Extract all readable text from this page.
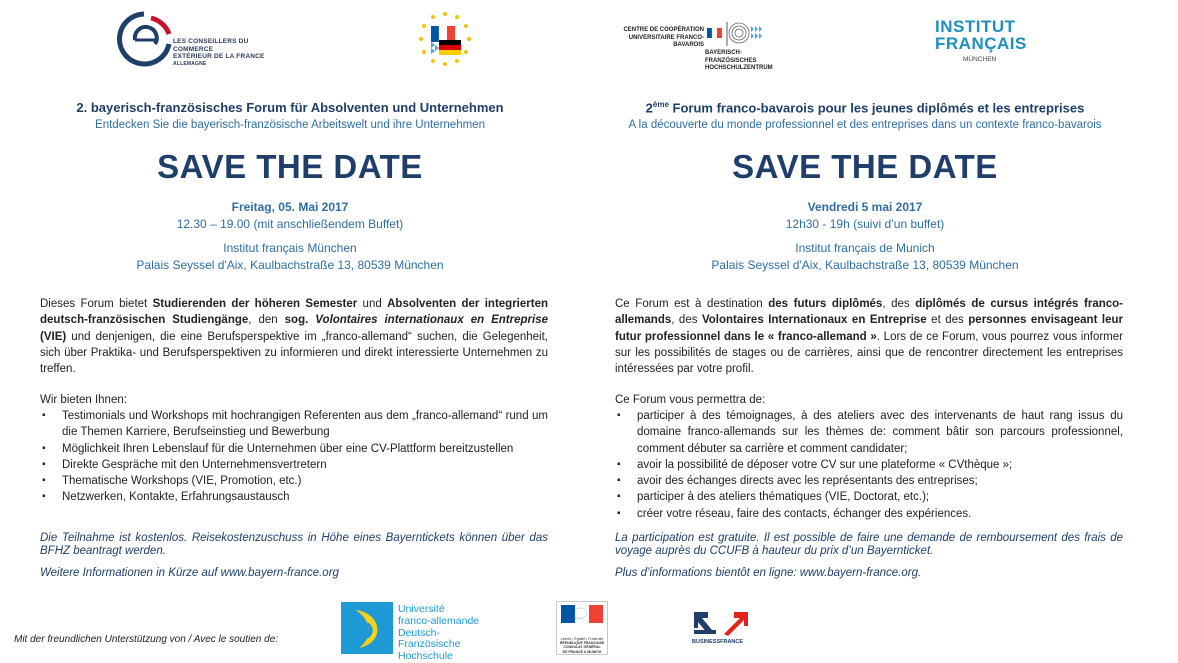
LES CONSEILLERS DU COMMERCE
EXTÉRIEUR DE LA FRANCE
ALLEMAGNE
CENTRE DE COOPÉRATION
UNIVERSITAIRE FRANCO-BAVAROIS
BAYERISCH-FRANZÖSISCHES
HOCHSCHULZENTRUM
INSTITUT
FRANÇAIS
MÜNCHEN
2. bayerisch-französisches Forum für Absolventen und Unternehmen
Entdecken Sie die bayerisch-französische Arbeitswelt und ihre Unternehmen
SAVE THE DATE
Freitag, 05. Mai 2017
12.30 – 19.00 (mit anschließendem Buffet)
Institut français München
Palais Seyssel d'Aix, Kaulbachstraße 13, 80539 München
Dieses Forum bietet Studierenden der höheren Semester und Absolventen der integrierten deutsch-französischen Studiengänge, den sog. Volontaires internationaux en Entreprise (VIE) und denjenigen, die eine Berufsperspektive im „franco-allemand“ suchen, die Gelegenheit, sich über Praktika- und Berufsperspektiven zu informieren und direkt interessierte Unternehmen zu treffen.
Wir bieten Ihnen:
▪ Testimonials und Workshops mit hochrangigen Referenten aus dem „franco-allemand“ rund um die Themen Karriere, Berufseinstieg und Bewerbung
▪ Möglichkeit Ihren Lebenslauf für die Unternehmen über eine CV-Plattform bereitzustellen
▪ Direkte Gespräche mit den Unternehmensvertretern
▪ Thematische Workshops (VIE, Promotion, etc.)
▪ Netzwerken, Kontakte, Erfahrungsaustausch
Die Teilnahme ist kostenlos. Reisekostenzuschuss in Höhe eines Bayerntickets können über das BFHZ beantragt werden.
Weitere Informationen in Kürze auf www.bayern-france.org
2ème Forum franco-bavarois pour les jeunes diplômés et les entreprises
A la découverte du monde professionnel et des entreprises dans un contexte franco-bavarois
SAVE THE DATE
Vendredi 5 mai 2017
12h30 - 19h (suivi d’un buffet)
Institut français de Munich
Palais Seyssel d'Aix, Kaulbachstraße 13, 80539 München
Ce Forum est à destination des futurs diplômés, des diplômés de cursus intégrés franco-allemands, des Volontaires Internationaux en Entreprise et des personnes envisageant leur futur professionnel dans le « franco-allemand ». Lors de ce Forum, vous pourrez vous informer sur les possibilités de stages ou de carrières, ainsi que de rencontrer directement les entreprises intéressées par votre profil.
Ce Forum vous permettra de:
▪ participer à des témoignages, à des ateliers avec des intervenants de haut rang issus du domaine franco-allemands sur les thèmes de: comment bâtir son parcours professionnel, comment débuter sa carrière et comment candidater;
▪ avoir la possibilité de déposer votre CV sur une plateforme « CVthèque »;
▪ avoir des échanges directs avec les représentants des entreprises;
▪ participer à des ateliers thématiques (VIE, Doctorat, etc.);
▪ créer votre réseau, faire des contacts, échanger des expériences.
La participation est gratuite. Il est possible de faire une demande de remboursement des frais de voyage auprès du CCUFB à hauteur du prix d’un Bayernticket.
Plus d’informations bientôt en ligne: www.bayern-france.org.
Mit der freundlichen Unterstützung von / Avec le soutien de:
Université
franco-allemande
Deutsch-Französische
Hochschule
Liberté • Égalité • Fraternité
RÉPUBLIQUE FRANÇAISE
CONSULAT GÉNÉRAL
DE FRANCE À MUNICH
BUSINESSFRANCE
